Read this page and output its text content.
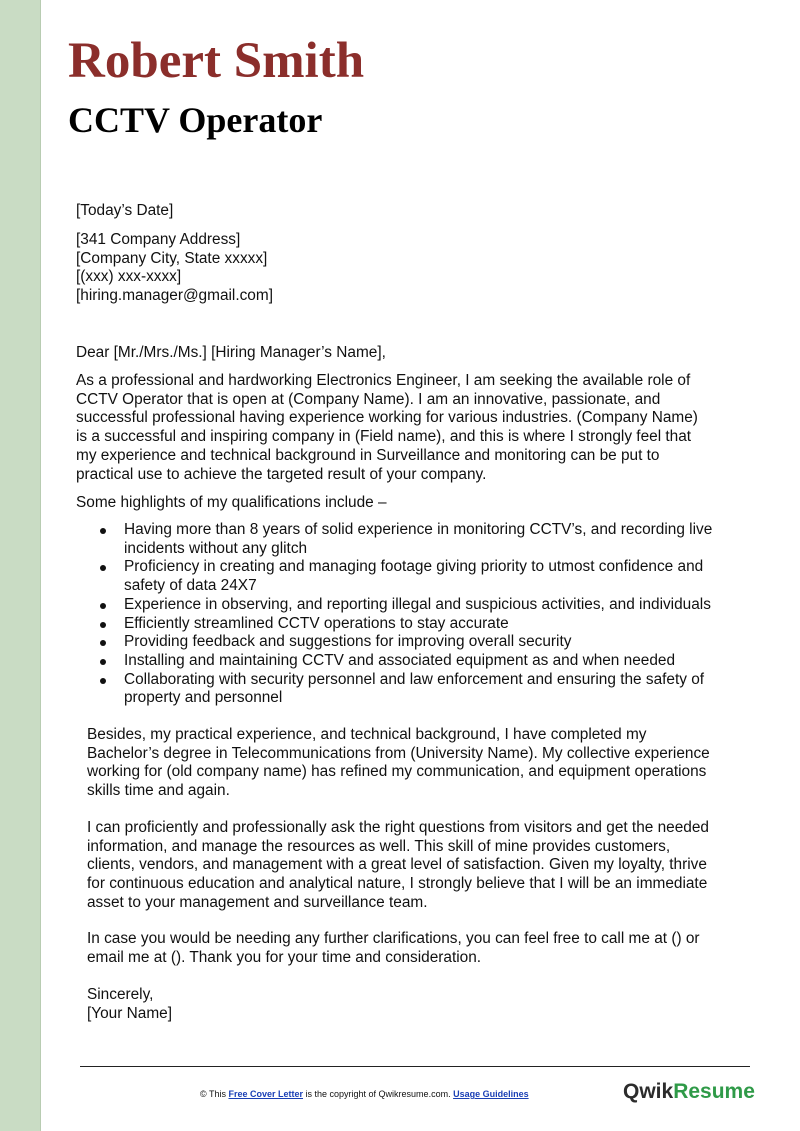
Robert Smith
CCTV Operator

[Today’s Date]

[341 Company Address]
[Company City, State xxxxx]
[(xxx) xxx-xxxx]
[hiring.manager@gmail.com]

Dear [Mr./Mrs./Ms.] [Hiring Manager’s Name],

As a professional and hardworking Electronics Engineer, I am seeking the available role of
CCTV Operator that is open at (Company Name). I am an innovative, passionate, and
successful professional having experience working for various industries. (Company Name)
is a successful and inspiring company in (Field name), and this is where I strongly feel that
my experience and technical background in Surveillance and monitoring can be put to
practical use to achieve the targeted result of your company.

Some highlights of my qualifications include –

Having more than 8 years of solid experience in monitoring CCTV’s, and recording live
incidents without any glitch
Proficiency in creating and managing footage giving priority to utmost confidence and
safety of data 24X7
Experience in observing, and reporting illegal and suspicious activities, and individuals
Efficiently streamlined CCTV operations to stay accurate
Providing feedback and suggestions for improving overall security
Installing and maintaining CCTV and associated equipment as and when needed
Collaborating with security personnel and law enforcement and ensuring the safety of
property and personnel
Besides, my practical experience, and technical background, I have completed my
Bachelor’s degree in Telecommunications from (University Name). My collective experience
working for (old company name) has refined my communication, and equipment operations
skills time and again.
I can proficiently and professionally ask the right questions from visitors and get the needed
information, and manage the resources as well. This skill of mine provides customers,
clients, vendors, and management with a great level of satisfaction. Given my loyalty, thrive
for continuous education and analytical nature, I strongly believe that I will be an immediate
asset to your management and surveillance team.
In case you would be needing any further clarifications, you can feel free to call me at () or
email me at (). Thank you for your time and consideration.
Sincerely,
[Your Name]
© This Free Cover Letter is the copyright of Qwikresume.com. Usage Guidelines	QwikResume
